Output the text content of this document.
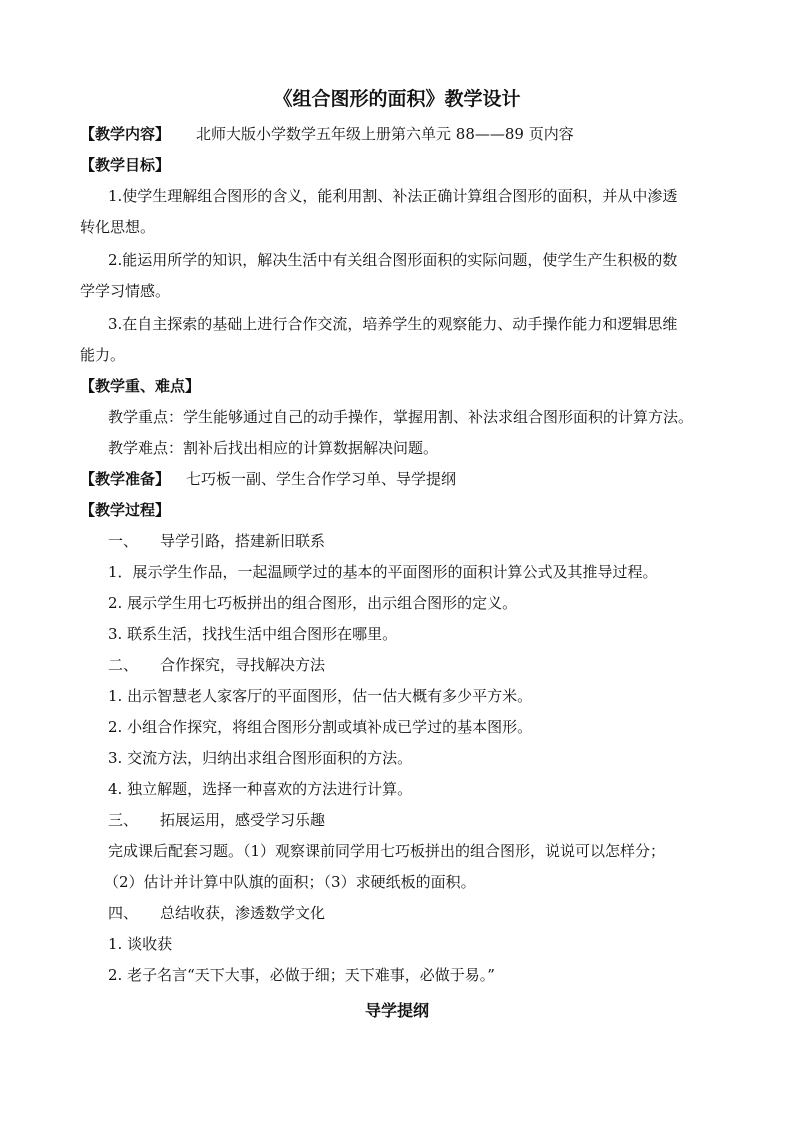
《组合图形的面积》教学设计
【教学内容】 北师大版小学数学五年级上册第六单元 88——89 页内容
【教学目标】
1.使学生理解组合图形的含义，能利用割、补法正确计算组合图形的面积，并从中渗透
转化思想。
2.能运用所学的知识，解决生活中有关组合图形面积的实际问题，使学生产生积极的数
学学习情感。
3.在自主探索的基础上进行合作交流，培养学生的观察能力、动手操作能力和逻辑思维
能力。
【教学重、难点】
教学重点：学生能够通过自己的动手操作，掌握用割、补法求组合图形面积的计算方法。
教学难点：割补后找出相应的计算数据解决问题。
【教学准备】 七巧板一副、学生合作学习单、导学提纲
【教学过程】
一、 导学引路，搭建新旧联系
1．展示学生作品，一起温顾学过的基本的平面图形的面积计算公式及其推导过程。
2. 展示学生用七巧板拼出的组合图形，出示组合图形的定义。
3. 联系生活，找找生活中组合图形在哪里。
二、 合作探究，寻找解决方法
1. 出示智慧老人家客厅的平面图形，估一估大概有多少平方米。
2. 小组合作探究，将组合图形分割或填补成已学过的基本图形。
3. 交流方法，归纳出求组合图形面积的方法。
4. 独立解题，选择一种喜欢的方法进行计算。
三、 拓展运用，感受学习乐趣
完成课后配套习题。（1）观察课前同学用七巧板拼出的组合图形，说说可以怎样分；
（2）估计并计算中队旗的面积；（3）求硬纸板的面积。
四、 总结收获，渗透数学文化
1. 谈收获
2. 老子名言“天下大事，必做于细；天下难事，必做于易。”
导学提纲
